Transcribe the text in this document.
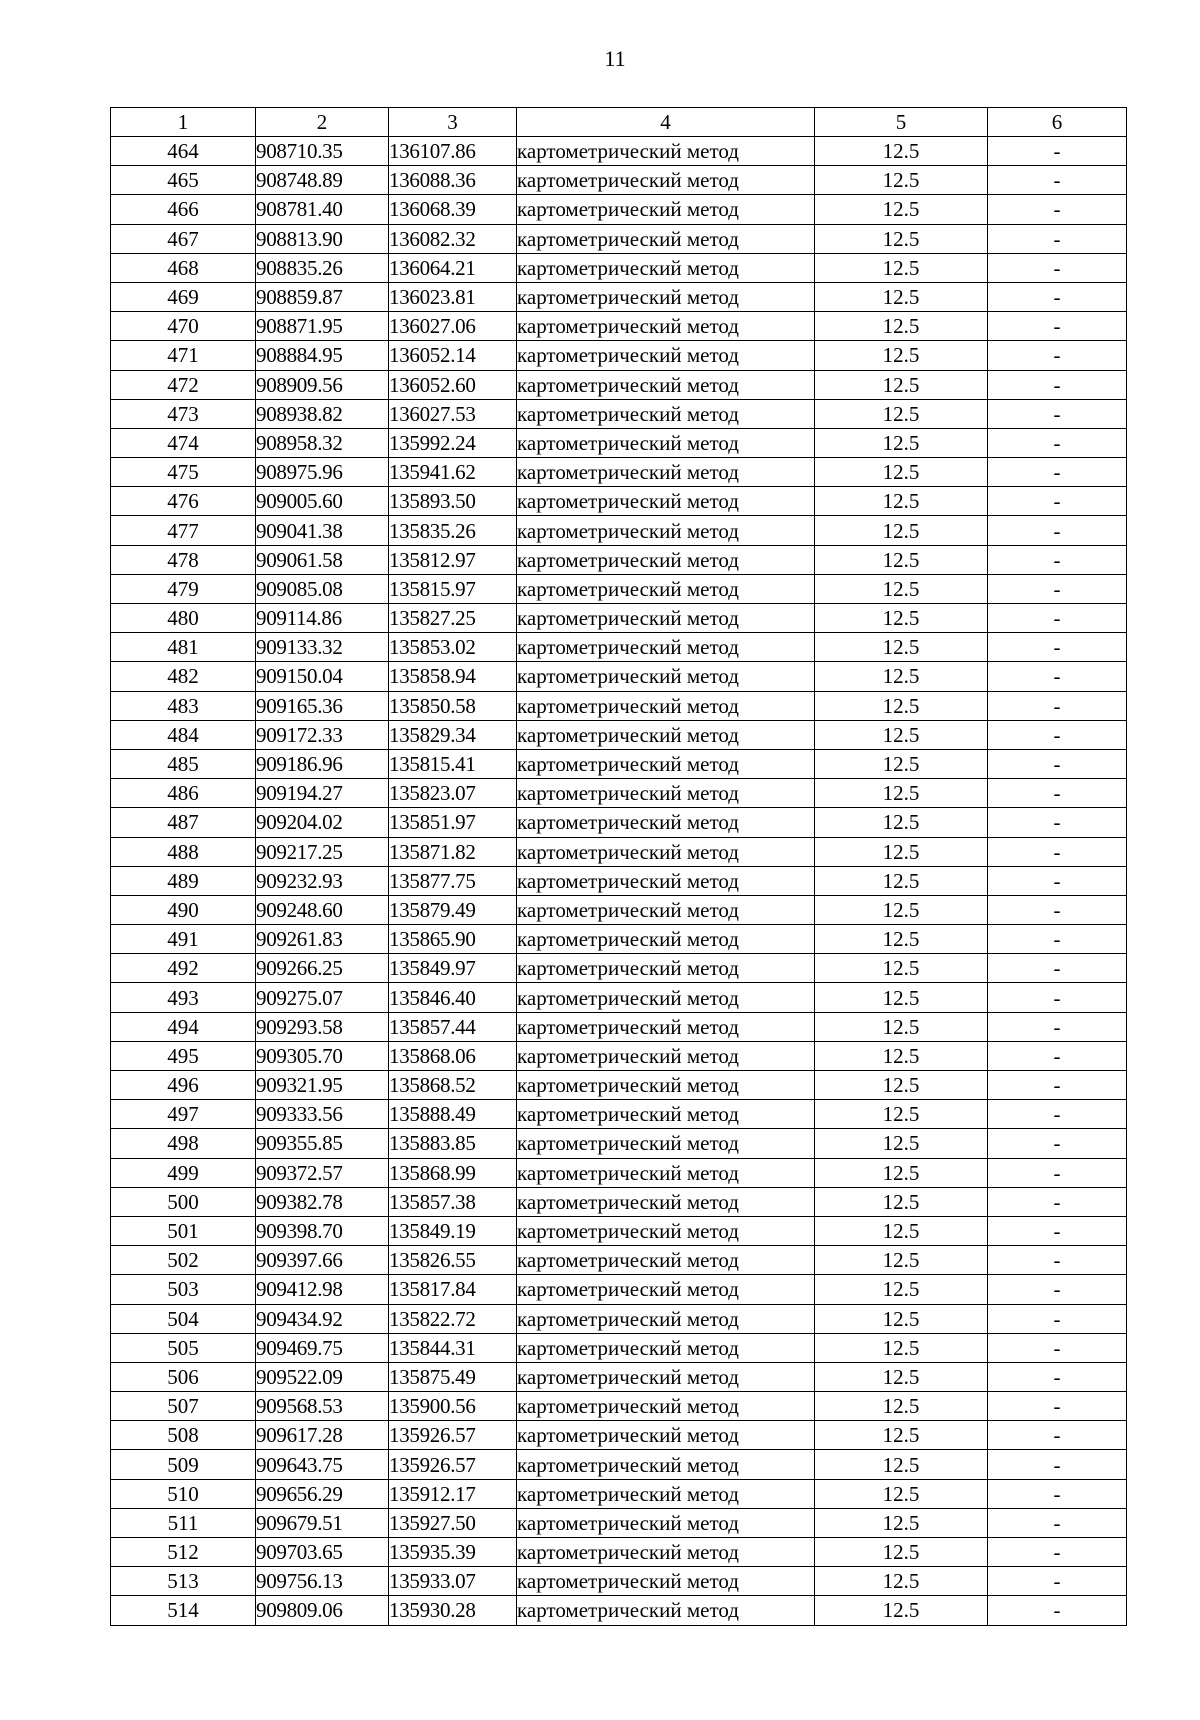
11
1	2	3	4	5	6
464	908710.35	136107.86	картометрический метод	12.5	-
465	908748.89	136088.36	картометрический метод	12.5	-
466	908781.40	136068.39	картометрический метод	12.5	-
467	908813.90	136082.32	картометрический метод	12.5	-
468	908835.26	136064.21	картометрический метод	12.5	-
469	908859.87	136023.81	картометрический метод	12.5	-
470	908871.95	136027.06	картометрический метод	12.5	-
471	908884.95	136052.14	картометрический метод	12.5	-
472	908909.56	136052.60	картометрический метод	12.5	-
473	908938.82	136027.53	картометрический метод	12.5	-
474	908958.32	135992.24	картометрический метод	12.5	-
475	908975.96	135941.62	картометрический метод	12.5	-
476	909005.60	135893.50	картометрический метод	12.5	-
477	909041.38	135835.26	картометрический метод	12.5	-
478	909061.58	135812.97	картометрический метод	12.5	-
479	909085.08	135815.97	картометрический метод	12.5	-
480	909114.86	135827.25	картометрический метод	12.5	-
481	909133.32	135853.02	картометрический метод	12.5	-
482	909150.04	135858.94	картометрический метод	12.5	-
483	909165.36	135850.58	картометрический метод	12.5	-
484	909172.33	135829.34	картометрический метод	12.5	-
485	909186.96	135815.41	картометрический метод	12.5	-
486	909194.27	135823.07	картометрический метод	12.5	-
487	909204.02	135851.97	картометрический метод	12.5	-
488	909217.25	135871.82	картометрический метод	12.5	-
489	909232.93	135877.75	картометрический метод	12.5	-
490	909248.60	135879.49	картометрический метод	12.5	-
491	909261.83	135865.90	картометрический метод	12.5	-
492	909266.25	135849.97	картометрический метод	12.5	-
493	909275.07	135846.40	картометрический метод	12.5	-
494	909293.58	135857.44	картометрический метод	12.5	-
495	909305.70	135868.06	картометрический метод	12.5	-
496	909321.95	135868.52	картометрический метод	12.5	-
497	909333.56	135888.49	картометрический метод	12.5	-
498	909355.85	135883.85	картометрический метод	12.5	-
499	909372.57	135868.99	картометрический метод	12.5	-
500	909382.78	135857.38	картометрический метод	12.5	-
501	909398.70	135849.19	картометрический метод	12.5	-
502	909397.66	135826.55	картометрический метод	12.5	-
503	909412.98	135817.84	картометрический метод	12.5	-
504	909434.92	135822.72	картометрический метод	12.5	-
505	909469.75	135844.31	картометрический метод	12.5	-
506	909522.09	135875.49	картометрический метод	12.5	-
507	909568.53	135900.56	картометрический метод	12.5	-
508	909617.28	135926.57	картометрический метод	12.5	-
509	909643.75	135926.57	картометрический метод	12.5	-
510	909656.29	135912.17	картометрический метод	12.5	-
511	909679.51	135927.50	картометрический метод	12.5	-
512	909703.65	135935.39	картометрический метод	12.5	-
513	909756.13	135933.07	картометрический метод	12.5	-
514	909809.06	135930.28	картометрический метод	12.5	-
